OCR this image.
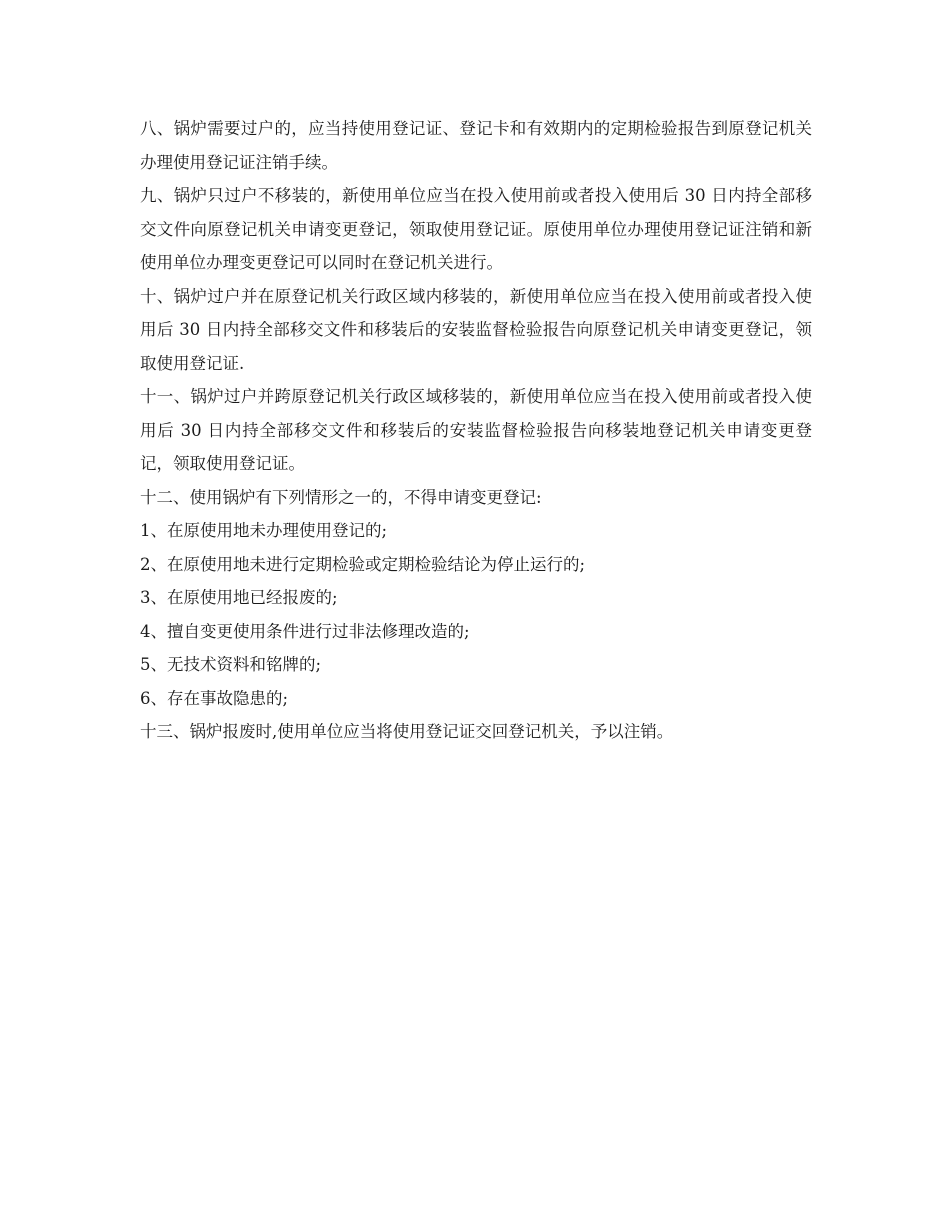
八、锅炉需要过户的，应当持使用登记证、登记卡和有效期内的定期检验报告到原登记机关办理使用登记证注销手续。

九、锅炉只过户不移装的，新使用单位应当在投入使用前或者投入使用后 30 日内持全部移交文件向原登记机关申请变更登记，领取使用登记证。原使用单位办理使用登记证注销和新使用单位办理变更登记可以同时在登记机关进行。

十、锅炉过户并在原登记机关行政区域内移装的，新使用单位应当在投入使用前或者投入使用后 30 日内持全部移交文件和移装后的安装监督检验报告向原登记机关申请变更登记，领取使用登记证.

十一、锅炉过户并跨原登记机关行政区域移装的，新使用单位应当在投入使用前或者投入使用后 30 日内持全部移交文件和移装后的安装监督检验报告向移装地登记机关申请变更登记，领取使用登记证。

十二、使用锅炉有下列情形之一的，不得申请变更登记:

1、在原使用地未办理使用登记的;

2、在原使用地未进行定期检验或定期检验结论为停止运行的;

3、在原使用地已经报废的;

4、擅自变更使用条件进行过非法修理改造的;

5、无技术资料和铭牌的;

6、存在事故隐患的;

十三、锅炉报废时,使用单位应当将使用登记证交回登记机关，予以注销。
